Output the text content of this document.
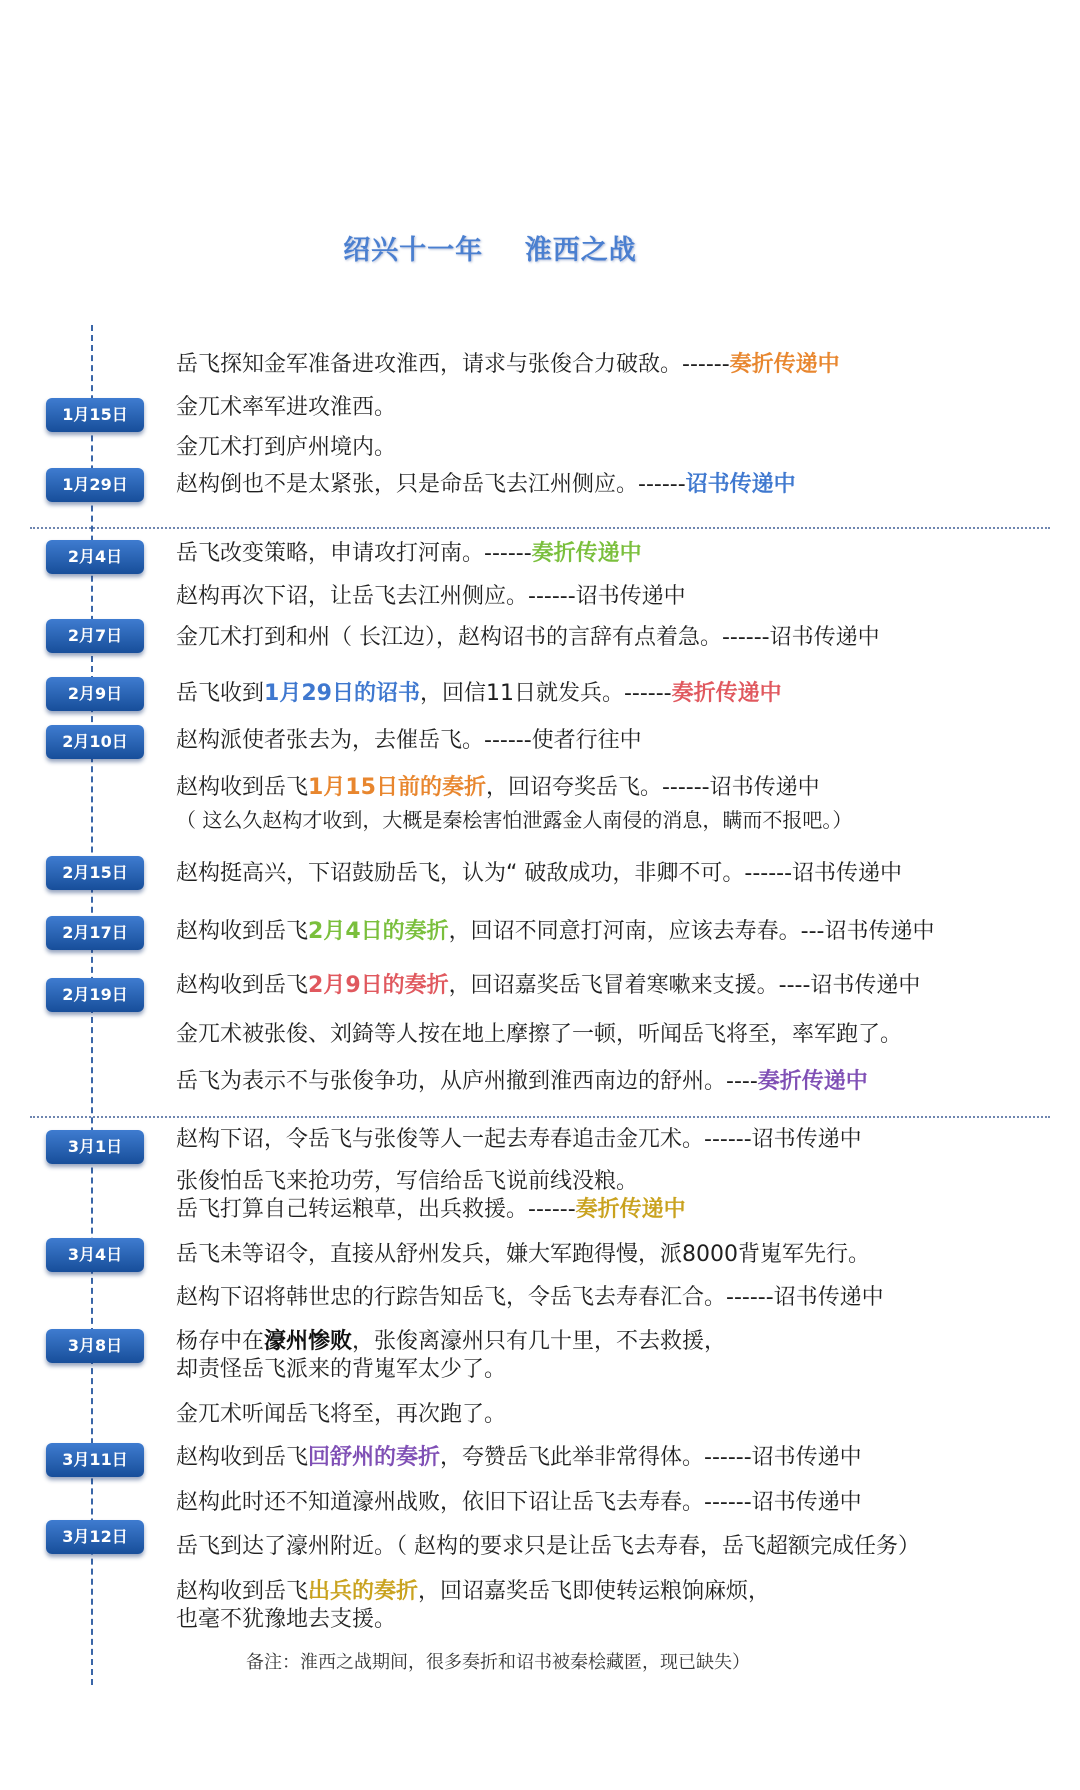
绍兴十一年    淮西之战
1月15日
1月29日
2月4日
2月7日
2月9日
2月10日
2月15日
2月17日
2月19日
3月1日
3月4日
3月8日
3月11日
3月12日
岳飞探知金军准备进攻淮西，请求与张俊合力破敌。------奏折传递中
金兀术率军进攻淮西。
金兀术打到庐州境内。
赵构倒也不是太紧张，只是命岳飞去江州侧应。------诏书传递中
岳飞改变策略，申请攻打河南。------奏折传递中
赵构再次下诏，让岳飞去江州侧应。------诏书传递中
金兀术打到和州（ 长江边），赵构诏书的言辞有点着急。------诏书传递中
岳飞收到1月29日的诏书，回信11日就发兵。------奏折传递中
赵构派使者张去为，去催岳飞。------使者行往中
赵构收到岳飞1月15日前的奏折，回诏夸奖岳飞。------诏书传递中
（ 这么久赵构才收到，大概是秦桧害怕泄露金人南侵的消息，瞒而不报吧。）
赵构挺高兴，下诏鼓励岳飞，认为“ 破敌成功，非卿不可。------诏书传递中
赵构收到岳飞2月4日的奏折，回诏不同意打河南，应该去寿春。---诏书传递中
赵构收到岳飞2月9日的奏折，回诏嘉奖岳飞冒着寒嗽来支援。----诏书传递中
金兀术被张俊、刘錡等人按在地上摩擦了一顿，听闻岳飞将至，率军跑了。
岳飞为表示不与张俊争功，从庐州撤到淮西南边的舒州。----奏折传递中
赵构下诏，令岳飞与张俊等人一起去寿春追击金兀术。------诏书传递中
张俊怕岳飞来抢功劳，写信给岳飞说前线没粮。
岳飞打算自己转运粮草，出兵救援。------奏折传递中
岳飞未等诏令，直接从舒州发兵，嫌大军跑得慢，派8000背嵬军先行。
赵构下诏将韩世忠的行踪告知岳飞，令岳飞去寿春汇合。------诏书传递中
杨存中在濠州惨败，张俊离濠州只有几十里，不去救援，
却责怪岳飞派来的背嵬军太少了。
金兀术听闻岳飞将至，再次跑了。
赵构收到岳飞回舒州的奏折，夸赞岳飞此举非常得体。------诏书传递中
赵构此时还不知道濠州战败，依旧下诏让岳飞去寿春。------诏书传递中
岳飞到达了濠州附近。（ 赵构的要求只是让岳飞去寿春，岳飞超额完成任务）
赵构收到岳飞出兵的奏折，回诏嘉奖岳飞即使转运粮饷麻烦，
也毫不犹豫地去支援。
备注：淮西之战期间，很多奏折和诏书被秦桧藏匿，现已缺失）
